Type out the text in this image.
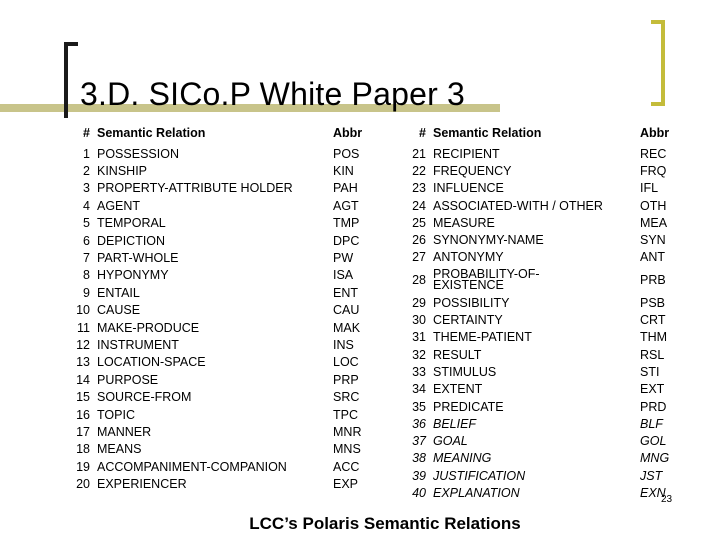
3.D. SICo.P White Paper 3
#	Semantic Relation	Abbr
1	POSSESSION	POS
2	KINSHIP	KIN
3	PROPERTY-ATTRIBUTE HOLDER	PAH
4	AGENT	AGT
5	TEMPORAL	TMP
6	DEPICTION	DPC
7	PART-WHOLE	PW
8	HYPONYMY	ISA
9	ENTAIL	ENT
10	CAUSE	CAU
11	MAKE-PRODUCE	MAK
12	INSTRUMENT	INS
13	LOCATION-SPACE	LOC
14	PURPOSE	PRP
15	SOURCE-FROM	SRC
16	TOPIC	TPC
17	MANNER	MNR
18	MEANS	MNS
19	ACCOMPANIMENT-COMPANION	ACC
20	EXPERIENCER	EXP
#	Semantic Relation	Abbr
21	RECIPIENT	REC
22	FREQUENCY	FRQ
23	INFLUENCE	IFL
24	ASSOCIATED-WITH / OTHER	OTH
25	MEASURE	MEA
26	SYNONYMY-NAME	SYN
27	ANTONYMY	ANT
28	PROBABILITY-OF-EXISTENCE	PRB
29	POSSIBILITY	PSB
30	CERTAINTY	CRT
31	THEME-PATIENT	THM
32	RESULT	RSL
33	STIMULUS	STI
34	EXTENT	EXT
35	PREDICATE	PRD
36	BELIEF	BLF
37	GOAL	GOL
38	MEANING	MNG
39	JUSTIFICATION	JST
40	EXPLANATION	EXN
LCC’s Polaris Semantic Relations
23
